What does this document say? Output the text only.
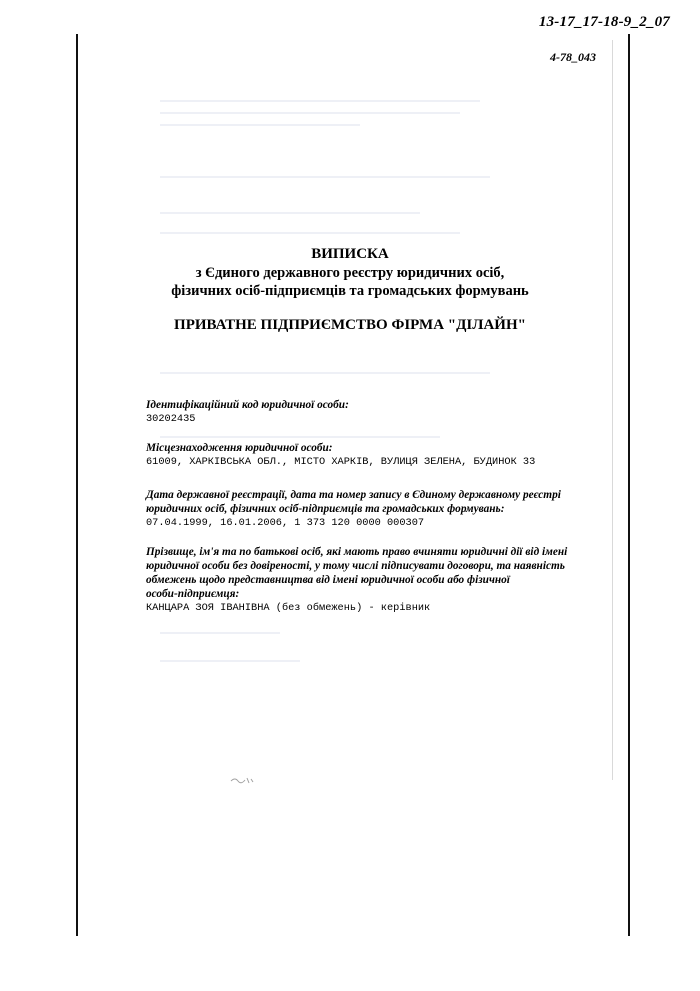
13-17_17-18-9_2_07
4-78_043
ВИПИСКА
з Єдиного державного реєстру юридичних осіб,
фізичних осіб-підприємців та громадських формувань
ПРИВАТНЕ ПІДПРИЄМСТВО ФІРМА "ДІЛАЙН"
Ідентифікаційний код юридичної особи:
30202435
Місцезнаходження юридичної особи:
61009, ХАРКІВСЬКА ОБЛ., МІСТО ХАРКІВ, ВУЛИЦЯ ЗЕЛЕНА, БУДИНОК 33
Дата державної реєстрації, дата та номер запису в Єдиному державному реєстрі
юридичних осіб, фізичних осіб-підприємців та громадських формувань:
07.04.1999, 16.01.2006, 1 373 120 0000 000307
Прізвище, ім'я та по батькові осіб, які мають право вчиняти юридичні дії від імені
юридичної особи без довіреності, у тому числі підписувати договори, та наявність
обмежень щодо представництва від імені юридичної особи або фізичної
особи-підприємця:
КАНЦАРА ЗОЯ ІВАНІВНА (без обмежень) - керівник
